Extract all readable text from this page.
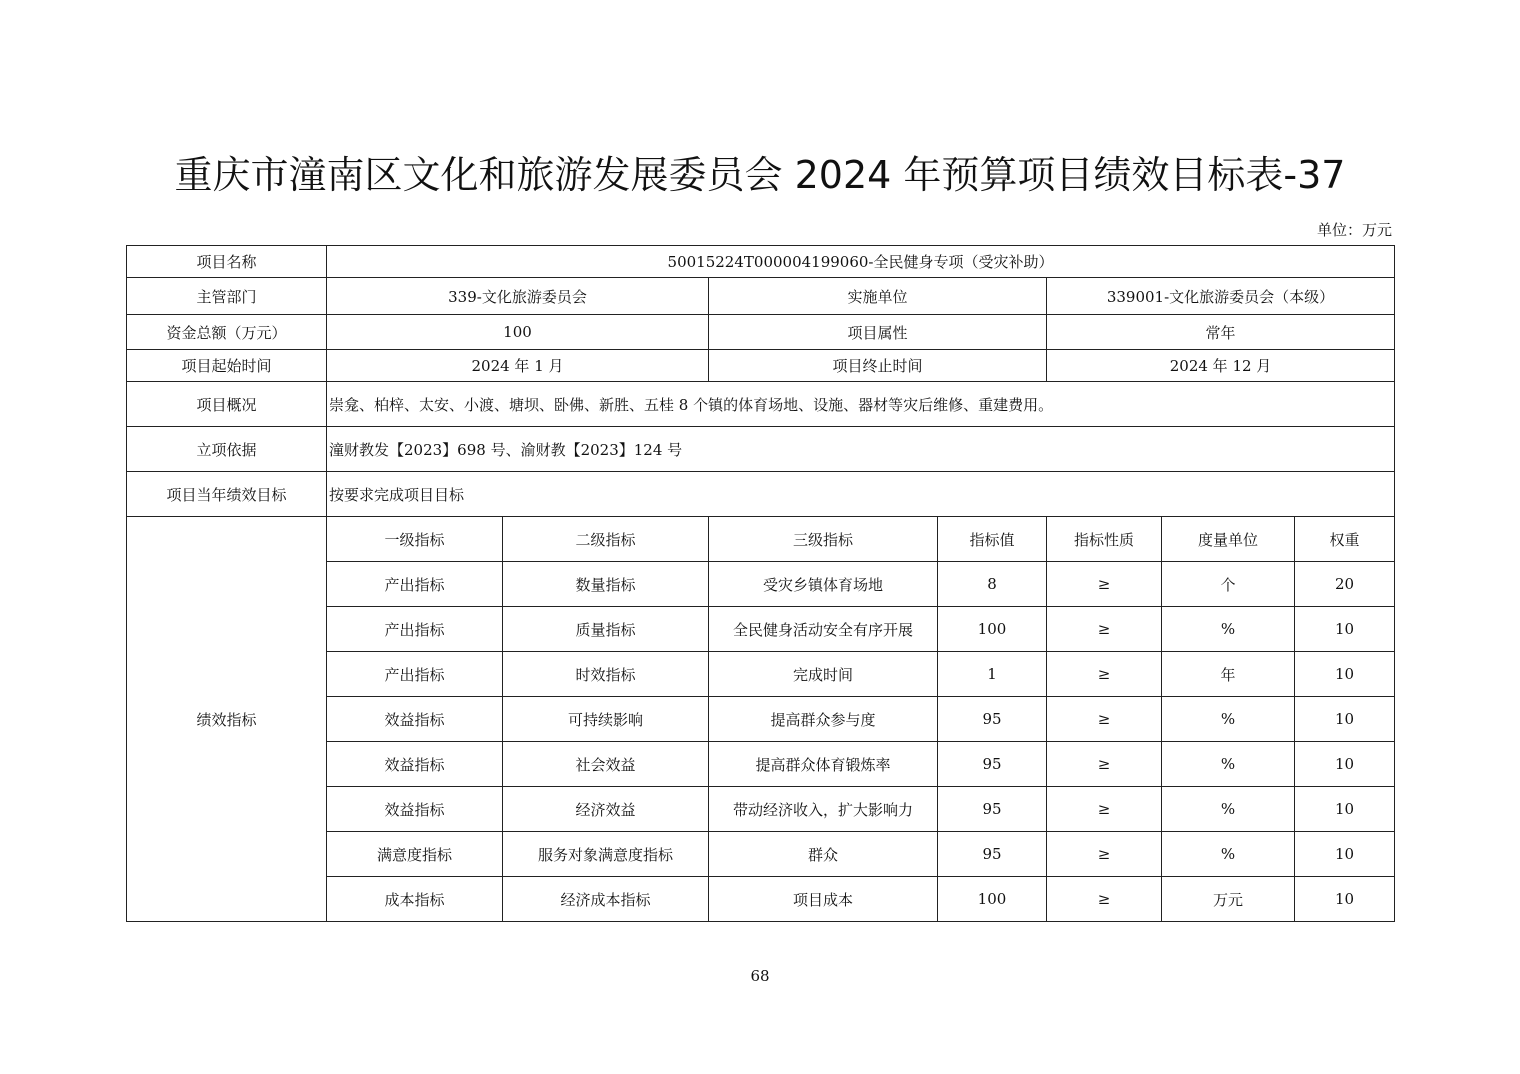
重庆市潼南区文化和旅游发展委员会 2024 年预算项目绩效目标表-37
单位：万元
项目名称	50015224T000004199060-全民健身专项（受灾补助）						
主管部门	339-文化旅游委员会		实施单位		339001-文化旅游委员会（本级）		
资金总额（万元）	100		项目属性		常年		
项目起始时间	2024 年 1 月		项目终止时间		2024 年 12 月		
项目概况	崇龛、柏梓、太安、小渡、塘坝、卧佛、新胜、五桂 8 个镇的体育场地、设施、器材等灾后维修、重建费用。						
立项依据	潼财教发【2023】698 号、渝财教【2023】124 号						
项目当年绩效目标	按要求完成项目目标						
绩效指标	一级指标	二级指标	三级指标	指标值	指标性质	度量单位	权重
	产出指标	数量指标	受灾乡镇体育场地	8	≥	个	20
	产出指标	质量指标	全民健身活动安全有序开展	100	≥	%	10
	产出指标	时效指标	完成时间	1	≥	年	10
	效益指标	可持续影响	提高群众参与度	95	≥	%	10
	效益指标	社会效益	提高群众体育锻炼率	95	≥	%	10
	效益指标	经济效益	带动经济收入，扩大影响力	95	≥	%	10
	满意度指标	服务对象满意度指标	群众	95	≥	%	10
	成本指标	经济成本指标	项目成本	100	≥	万元	10
68
